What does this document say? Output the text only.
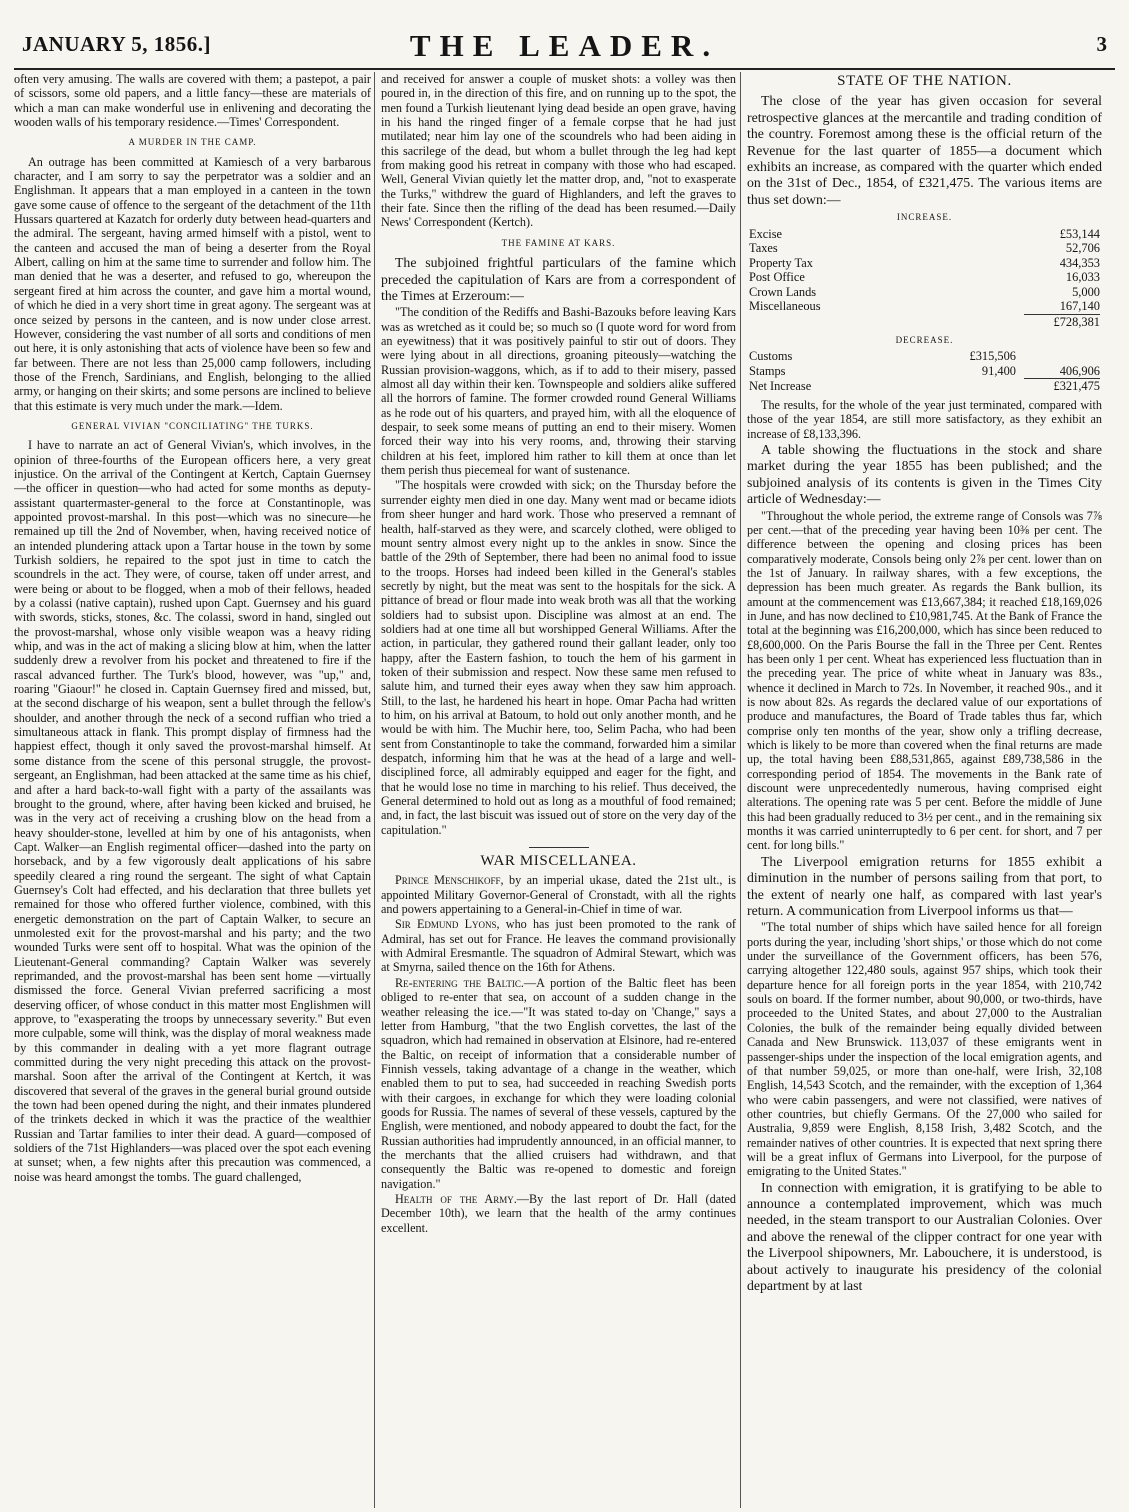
JANUARY 5, 1856.]	THE LEADER.	3

often very amusing. The walls are covered with them; a pastepot, a pair of scissors, some old papers, and a little fancy—these are materials of which a man can make wonderful use in enlivening and decorating the wooden walls of his temporary residence.—Times' Correspondent.

A MURDER IN THE CAMP.

An outrage has been committed at Kamiesch of a very barbarous character, and I am sorry to say the perpetrator was a soldier and an Englishman. It appears that a man employed in a canteen in the town gave some cause of offence to the sergeant of the detachment of the 11th Hussars quartered at Kazatch for orderly duty between head-quarters and the admiral. The sergeant, having armed himself with a pistol, went to the canteen and accused the man of being a deserter from the Royal Albert, calling on him at the same time to surrender and follow him. The man denied that he was a deserter, and refused to go, whereupon the sergeant fired at him across the counter, and gave him a mortal wound, of which he died in a very short time in great agony. The sergeant was at once seized by persons in the canteen, and is now under close arrest. However, considering the vast number of all sorts and conditions of men out here, it is only astonishing that acts of violence have been so few and far between. There are not less than 25,000 camp followers, including those of the French, Sardinians, and English, belonging to the allied army, or hanging on their skirts; and some persons are inclined to believe that this estimate is very much under the mark.—Idem.

GENERAL VIVIAN "CONCILIATING" THE TURKS.

I have to narrate an act of General Vivian's, which involves, in the opinion of three-fourths of the European officers here, a very great injustice. On the arrival of the Contingent at Kertch, Captain Guernsey —the officer in question—who had acted for some months as deputy-assistant quartermaster-general to the force at Constantinople, was appointed provost-marshal. In this post—which was no sinecure—he remained up till the 2nd of November, when, having received notice of an intended plundering attack upon a Tartar house in the town by some Turkish soldiers, he repaired to the spot just in time to catch the scoundrels in the act. They were, of course, taken off under arrest, and were being or about to be flogged, when a mob of their fellows, headed by a colassi (native captain), rushed upon Capt. Guernsey and his guard with swords, sticks, stones, &c. The colassi, sword in hand, singled out the provost-marshal, whose only visible weapon was a heavy riding whip, and was in the act of making a slicing blow at him, when the latter suddenly drew a revolver from his pocket and threatened to fire if the rascal advanced further. The Turk's blood, however, was "up," and, roaring "Giaour!" he closed in. Captain Guernsey fired and missed, but, at the second discharge of his weapon, sent a bullet through the fellow's shoulder, and another through the neck of a second ruffian who tried a simultaneous attack in flank. This prompt display of firmness had the happiest effect, though it only saved the provost-marshal himself. At some distance from the scene of this personal struggle, the provost-sergeant, an Englishman, had been attacked at the same time as his chief, and after a hard back-to-wall fight with a party of the assailants was brought to the ground, where, after having been kicked and bruised, he was in the very act of receiving a crushing blow on the head from a heavy shoulder-stone, levelled at him by one of his antagonists, when Capt. Walker—an English regimental officer—dashed into the party on horseback, and by a few vigorously dealt applications of his sabre speedily cleared a ring round the sergeant. The sight of what Captain Guernsey's Colt had effected, and his declaration that three bullets yet remained for those who offered further violence, combined, with this energetic demonstration on the part of Captain Walker, to secure an unmolested exit for the provost-marshal and his party; and the two wounded Turks were sent off to hospital. What was the opinion of the Lieutenant-General commanding? Captain Walker was severely reprimanded, and the provost-marshal has been sent home —virtually dismissed the force. General Vivian preferred sacrificing a most deserving officer, of whose conduct in this matter most Englishmen will approve, to "exasperating the troops by unnecessary severity." But even more culpable, some will think, was the display of moral weakness made by this commander in dealing with a yet more flagrant outrage committed during the very night preceding this attack on the provost-marshal. Soon after the arrival of the Contingent at Kertch, it was discovered that several of the graves in the general burial ground outside the town had been opened during the night, and their inmates plundered of the trinkets decked in which it was the practice of the wealthier Russian and Tartar families to inter their dead. A guard—composed of soldiers of the 71st Highlanders—was placed over the spot each evening at sunset; when, a few nights after this precaution was commenced, a noise was heard amongst the tombs. The guard challenged,

and received for answer a couple of musket shots: a volley was then poured in, in the direction of this fire, and on running up to the spot, the men found a Turkish lieutenant lying dead beside an open grave, having in his hand the ringed finger of a female corpse that he had just mutilated; near him lay one of the scoundrels who had been aiding in this sacrilege of the dead, but whom a bullet through the leg had kept from making good his retreat in company with those who had escaped. Well, General Vivian quietly let the matter drop, and, "not to exasperate the Turks," withdrew the guard of Highlanders, and left the graves to their fate. Since then the rifling of the dead has been resumed.—Daily News' Correspondent (Kertch).

THE FAMINE AT KARS.

The subjoined frightful particulars of the famine which preceded the capitulation of Kars are from a correspondent of the Times at Erzeroum:—

"The condition of the Rediffs and Bashi-Bazouks before leaving Kars was as wretched as it could be; so much so (I quote word for word from an eyewitness) that it was positively painful to stir out of doors. They were lying about in all directions, groaning piteously—watching the Russian provision-waggons, which, as if to add to their misery, passed almost all day within their ken. Townspeople and soldiers alike suffered all the horrors of famine. The former crowded round General Williams as he rode out of his quarters, and prayed him, with all the eloquence of despair, to seek some means of putting an end to their misery. Women forced their way into his very rooms, and, throwing their starving children at his feet, implored him rather to kill them at once than let them perish thus piecemeal for want of sustenance.

"The hospitals were crowded with sick; on the Thursday before the surrender eighty men died in one day. Many went mad or became idiots from sheer hunger and hard work. Those who preserved a remnant of health, half-starved as they were, and scarcely clothed, were obliged to mount sentry almost every night up to the ankles in snow. Since the battle of the 29th of September, there had been no animal food to issue to the troops. Horses had indeed been killed in the General's stables secretly by night, but the meat was sent to the hospitals for the sick. A pittance of bread or flour made into weak broth was all that the working soldiers had to subsist upon. Discipline was almost at an end. The soldiers had at one time all but worshipped General Williams. After the action, in particular, they gathered round their gallant leader, only too happy, after the Eastern fashion, to touch the hem of his garment in token of their submission and respect. Now these same men refused to salute him, and turned their eyes away when they saw him approach. Still, to the last, he hardened his heart in hope. Omar Pacha had written to him, on his arrival at Batoum, to hold out only another month, and he would be with him. The Muchir here, too, Selim Pacha, who had been sent from Constantinople to take the command, forwarded him a similar despatch, informing him that he was at the head of a large and well-disciplined force, all admirably equipped and eager for the fight, and that he would lose no time in marching to his relief. Thus deceived, the General determined to hold out as long as a mouthful of food remained; and, in fact, the last biscuit was issued out of store on the very day of the capitulation."

WAR MISCELLANEA.

Prince Menschikoff, by an imperial ukase, dated the 21st ult., is appointed Military Governor-General of Cronstadt, with all the rights and powers appertaining to a General-in-Chief in time of war.

Sir Edmund Lyons, who has just been promoted to the rank of Admiral, has set out for France. He leaves the command provisionally with Admiral Eresmantle. The squadron of Admiral Stewart, which was at Smyrna, sailed thence on the 16th for Athens.

Re-entering the Baltic.—A portion of the Baltic fleet has been obliged to re-enter that sea, on account of a sudden change in the weather releasing the ice.—"It was stated to-day on 'Change," says a letter from Hamburg, "that the two English corvettes, the last of the squadron, which had remained in observation at Elsinore, had re-entered the Baltic, on receipt of information that a considerable number of Finnish vessels, taking advantage of a change in the weather, which enabled them to put to sea, had succeeded in reaching Swedish ports with their cargoes, in exchange for which they were loading colonial goods for Russia. The names of several of these vessels, captured by the English, were mentioned, and nobody appeared to doubt the fact, for the Russian authorities had imprudently announced, in an official manner, to the merchants that the allied cruisers had withdrawn, and that consequently the Baltic was re-opened to domestic and foreign navigation."

Health of the Army.—By the last report of Dr. Hall (dated December 10th), we learn that the health of the army continues excellent.

STATE OF THE NATION.

The close of the year has given occasion for several retrospective glances at the mercantile and trading condition of the country. Foremost among these is the official return of the Revenue for the last quarter of 1855—a document which exhibits an increase, as compared with the quarter which ended on the 31st of Dec., 1854, of £321,475. The various items are thus set down:—

INCREASE.
Excise	£53,144
Taxes	52,706
Property Tax	434,353
Post Office	16,033
Crown Lands	5,000
Miscellaneous	167,140
	£728,381
DECREASE.
Customs	£315,506	
Stamps	91,400	406,906
Net Increase		£321,475

The results, for the whole of the year just terminated, compared with those of the year 1854, are still more satisfactory, as they exhibit an increase of £8,133,396.

A table showing the fluctuations in the stock and share market during the year 1855 has been published; and the subjoined analysis of its contents is given in the Times City article of Wednesday:—

"Throughout the whole period, the extreme range of Consols was 7⅞ per cent.—that of the preceding year having been 10⅜ per cent. The difference between the opening and closing prices has been comparatively moderate, Consols being only 2⅞ per cent. lower than on the 1st of January. In railway shares, with a few exceptions, the depression has been much greater. As regards the Bank bullion, its amount at the commencement was £13,667,384; it reached £18,169,026 in June, and has now declined to £10,981,745. At the Bank of France the total at the beginning was £16,200,000, which has since been reduced to £8,600,000. On the Paris Bourse the fall in the Three per Cent. Rentes has been only 1 per cent. Wheat has experienced less fluctuation than in the preceding year. The price of white wheat in January was 83s., whence it declined in March to 72s. In November, it reached 90s., and it is now about 82s. As regards the declared value of our exportations of produce and manufactures, the Board of Trade tables thus far, which comprise only ten months of the year, show only a trifling decrease, which is likely to be more than covered when the final returns are made up, the total having been £88,531,865, against £89,738,586 in the corresponding period of 1854. The movements in the Bank rate of discount were unprecedentedly numerous, having comprised eight alterations. The opening rate was 5 per cent. Before the middle of June this had been gradually reduced to 3½ per cent., and in the remaining six months it was carried uninterruptedly to 6 per cent. for short, and 7 per cent. for long bills."

The Liverpool emigration returns for 1855 exhibit a diminution in the number of persons sailing from that port, to the extent of nearly one half, as compared with last year's return. A communication from Liverpool informs us that—

"The total number of ships which have sailed hence for all foreign ports during the year, including 'short ships,' or those which do not come under the surveillance of the Government officers, has been 576, carrying altogether 122,480 souls, against 957 ships, which took their departure hence for all foreign ports in the year 1854, with 210,742 souls on board. If the former number, about 90,000, or two-thirds, have proceeded to the United States, and about 27,000 to the Australian Colonies, the bulk of the remainder being equally divided between Canada and New Brunswick. 113,037 of these emigrants went in passenger-ships under the inspection of the local emigration agents, and of that number 59,025, or more than one-half, were Irish, 32,108 English, 14,543 Scotch, and the remainder, with the exception of 1,364 who were cabin passengers, and were not classified, were natives of other countries, but chiefly Germans. Of the 27,000 who sailed for Australia, 9,859 were English, 8,158 Irish, 3,482 Scotch, and the remainder natives of other countries. It is expected that next spring there will be a great influx of Germans into Liverpool, for the purpose of emigrating to the United States."

In connection with emigration, it is gratifying to be able to announce a contemplated improvement, which was much needed, in the steam transport to our Australian Colonies. Over and above the renewal of the clipper contract for one year with the Liverpool shipowners, Mr. Labouchere, it is understood, is about actively to inaugurate his presidency of the colonial department by at last
